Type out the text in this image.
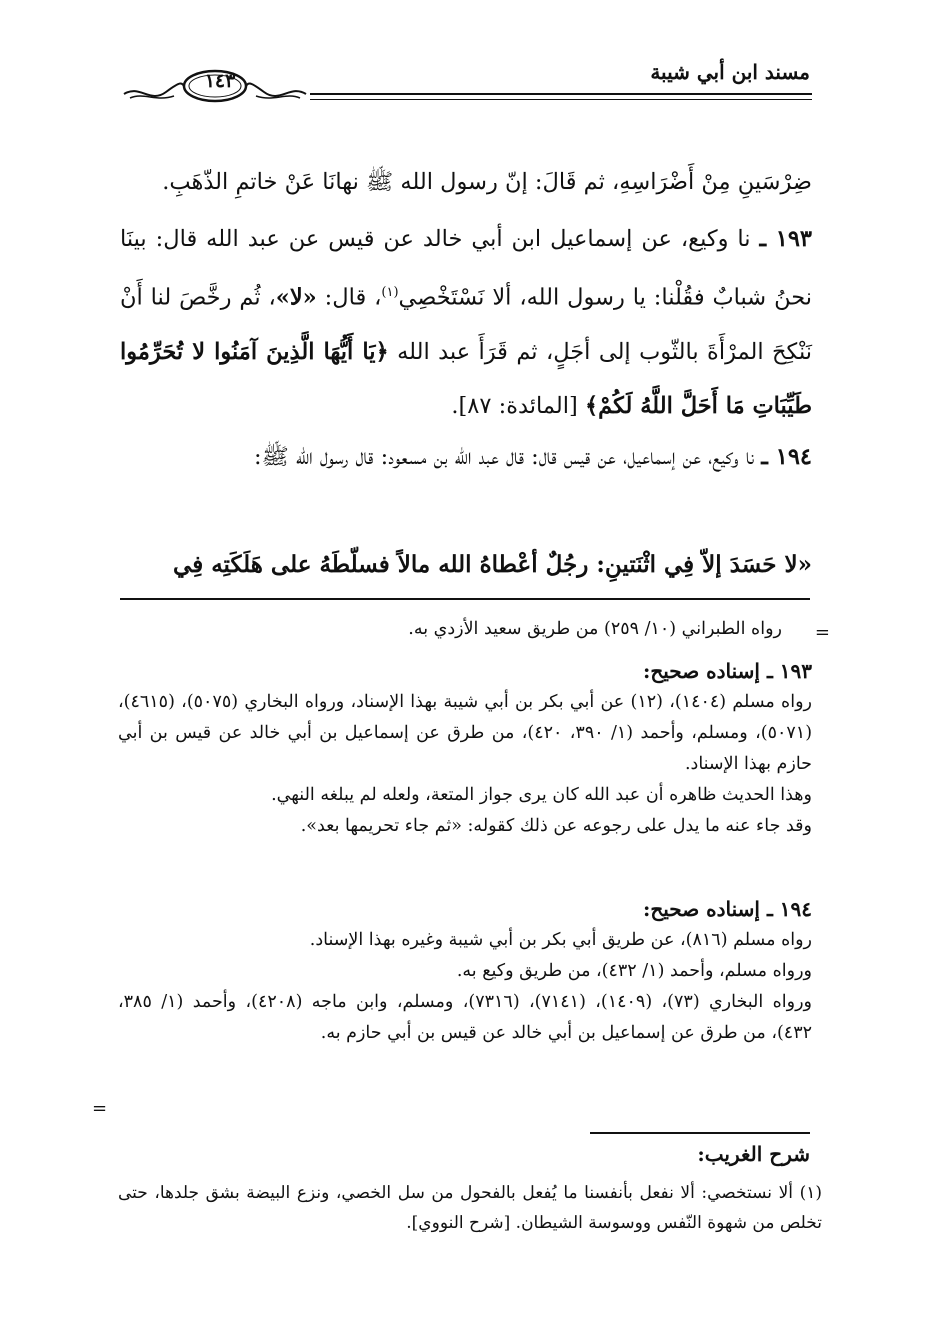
مسند ابن أبي شيبة
١٤٣
ضِرْسَينِ مِنْ أَضْرَاسِهِ، ثم قَالَ: إنّ رسول الله ﷺ نهانَا عَنْ خاتمِ الذّهَبِ.
١٩٣ ـ نا وكيع، عن إسماعيل ابن أبي خالد عن قيس عن عبد الله قال: بينَا نحنُ شبابٌ فقُلْنا: يا رسول الله، ألا نَسْتَخْصِي$^{(١)}$، قال: «لا»، ثُم رخَّصَ لنا أَنْ نَنْكِحَ المرْأَةَ بالثّوب إلى أجَلٍ، ثم قَرَأَ عبد الله ﴿يَا أَيُّهَا الَّذِينَ آمَنُوا لا تُحَرِّمُوا طَيِّبَاتِ مَا أَحَلَّ اللَّهُ لَكُمْ﴾ [المائدة: ٨٧].
١٩٤ ـ نا وكيع، عن إسماعيل، عن قيس قال: قال عبد الله بن مسعود: قال رسول الله ﷺ:
«لا حَسَدَ إلاّ فِي اثْنَتينِ: رجُلٌ أعْطاهُ الله مالاً فسلّطَهُ على هَلَكَتِه فِي
=
رواه الطبراني (١٠/ ٢٥٩) من طريق سعيد الأزدي به.
١٩٣ ـ إسناده صحيح:
رواه مسلم (١٤٠٤)، (١٢) عن أبي بكر بن أبي شيبة بهذا الإسناد، ورواه البخاري (٥٠٧٥)، (٤٦١٥)، (٥٠٧١)، ومسلم، وأحمد (١/ ٣٩٠، ٤٢٠)، من طرق عن إسماعيل بن أبي خالد عن قيس بن أبي حازم بهذا الإسناد.
وهذا الحديث ظاهره أن عبد الله كان يرى جواز المتعة، ولعله لم يبلغه النهي.
وقد جاء عنه ما يدل على رجوعه عن ذلك كقوله: «ثم جاء تحريمها بعد».
١٩٤ ـ إسناده صحيح:
رواه مسلم (٨١٦)، عن طريق أبي بكر بن أبي شيبة وغيره بهذا الإسناد.
ورواه مسلم، وأحمد (١/ ٤٣٢)، من طريق وكيع به.
ورواه البخاري (٧٣)، (١٤٠٩)، (٧١٤١)، (٧٣١٦)، ومسلم، وابن ماجه (٤٢٠٨)، وأحمد (١/ ٣٨٥، ٤٣٢)، من طرق عن إسماعيل بن أبي خالد عن قيس بن أبي حازم به.
=
شرح الغريب:
(١) ألا نستخصي: ألا نفعل بأنفسنا ما يُفعل بالفحول من سل الخصي، ونزع البيضة بشق جلدها، حتى تخلص من شهوة النّفس ووسوسة الشيطان. [شرح النووي].
